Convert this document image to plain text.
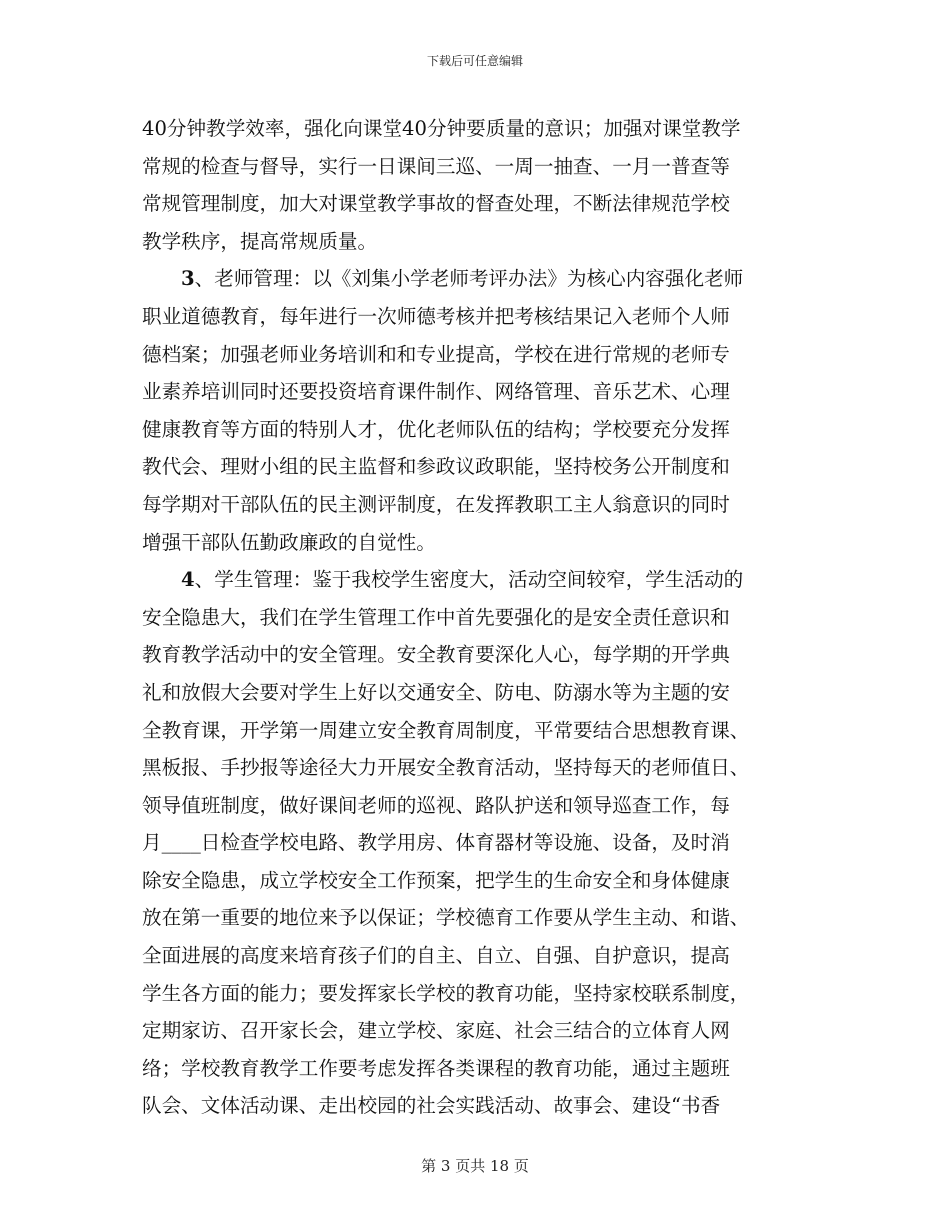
下载后可任意编辑
40分钟教学效率，强化向课堂40分钟要质量的意识；加强对课堂教学
常规的检查与督导，实行一日课间三巡、一周一抽查、一月一普查等
常规管理制度，加大对课堂教学事故的督查处理，不断法律规范学校
教学秩序，提高常规质量。
3、老师管理：以《刘集小学老师考评办法》为核心内容强化老师
职业道德教育，每年进行一次师德考核并把考核结果记入老师个人师
德档案；加强老师业务培训和和专业提高，学校在进行常规的老师专
业素养培训同时还要投资培育课件制作、网络管理、音乐艺术、心理
健康教育等方面的特别人才，优化老师队伍的结构；学校要充分发挥
教代会、理财小组的民主监督和参政议政职能，坚持校务公开制度和
每学期对干部队伍的民主测评制度，在发挥教职工主人翁意识的同时
增强干部队伍勤政廉政的自觉性。
4、学生管理：鉴于我校学生密度大，活动空间较窄，学生活动的
安全隐患大，我们在学生管理工作中首先要强化的是安全责任意识和
教育教学活动中的安全管理。安全教育要深化人心，每学期的开学典
礼和放假大会要对学生上好以交通安全、防电、防溺水等为主题的安
全教育课，开学第一周建立安全教育周制度，平常要结合思想教育课、
黑板报、手抄报等途径大力开展安全教育活动，坚持每天的老师值日、
领导值班制度，做好课间老师的巡视、路队护送和领导巡查工作，每
月____日检查学校电路、教学用房、体育器材等设施、设备，及时消
除安全隐患，成立学校安全工作预案，把学生的生命安全和身体健康
放在第一重要的地位来予以保证；学校德育工作要从学生主动、和谐、
全面进展的高度来培育孩子们的自主、自立、自强、自护意识，提高
学生各方面的能力；要发挥家长学校的教育功能，坚持家校联系制度，
定期家访、召开家长会，建立学校、家庭、社会三结合的立体育人网
络；学校教育教学工作要考虑发挥各类课程的教育功能，通过主题班
队会、文体活动课、走出校园的社会实践活动、故事会、建设“书香
第 3 页共 18 页
